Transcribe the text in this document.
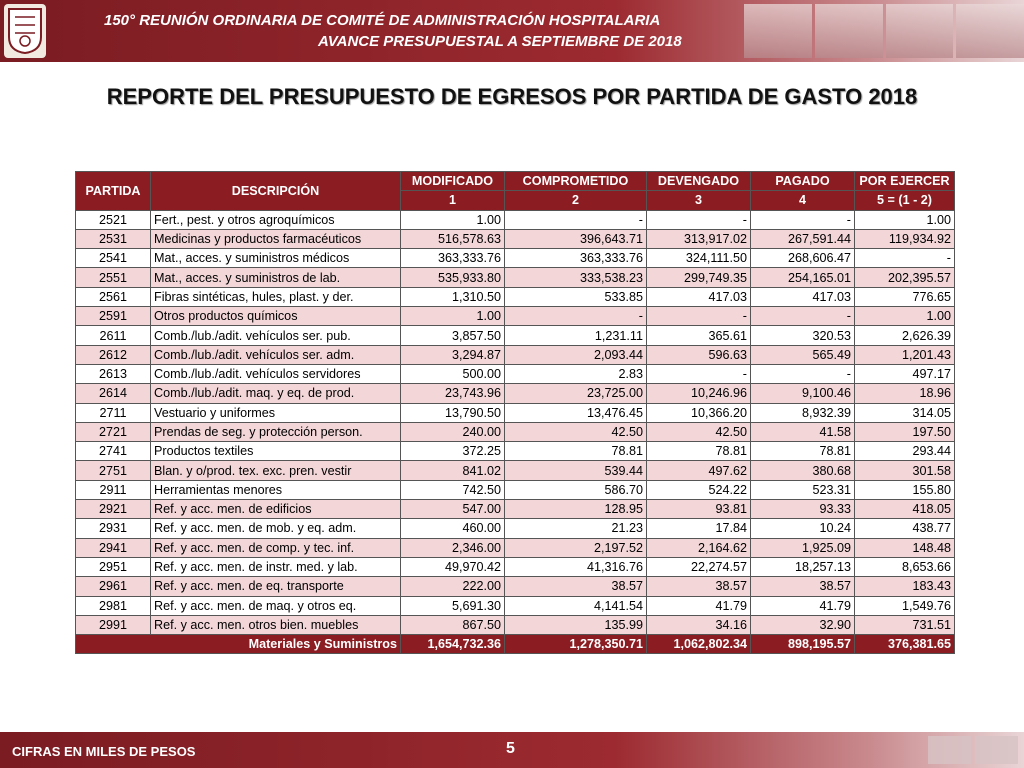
150° REUNIÓN ORDINARIA DE COMITÉ DE ADMINISTRACIÓN HOSPITALARIA
AVANCE PRESUPUESTAL A SEPTIEMBRE DE 2018
REPORTE DEL PRESUPUESTO DE EGRESOS POR PARTIDA DE GASTO 2018
PARTIDA	DESCRIPCIÓN	MODIFICADO	COMPROMETIDO	DEVENGADO	PAGADO	POR EJERCER
		1	2	3	4	5 = (1 - 2)
2521	Fert., pest. y otros agroquímicos	1.00	-	-	-	1.00
2531	Medicinas y productos farmacéuticos	516,578.63	396,643.71	313,917.02	267,591.44	119,934.92
2541	Mat., acces. y suministros médicos	363,333.76	363,333.76	324,111.50	268,606.47	-
2551	Mat., acces. y suministros de lab.	535,933.80	333,538.23	299,749.35	254,165.01	202,395.57
2561	Fibras sintéticas, hules, plast. y der.	1,310.50	533.85	417.03	417.03	776.65
2591	Otros productos químicos	1.00	-	-	-	1.00
2611	Comb./lub./adit. vehículos ser. pub.	3,857.50	1,231.11	365.61	320.53	2,626.39
2612	Comb./lub./adit. vehículos ser. adm.	3,294.87	2,093.44	596.63	565.49	1,201.43
2613	Comb./lub./adit. vehículos servidores	500.00	2.83	-	-	497.17
2614	Comb./lub./adit. maq. y eq. de prod.	23,743.96	23,725.00	10,246.96	9,100.46	18.96
2711	Vestuario y uniformes	13,790.50	13,476.45	10,366.20	8,932.39	314.05
2721	Prendas de seg. y protección person.	240.00	42.50	42.50	41.58	197.50
2741	Productos textiles	372.25	78.81	78.81	78.81	293.44
2751	Blan. y o/prod. tex. exc. pren. vestir	841.02	539.44	497.62	380.68	301.58
2911	Herramientas menores	742.50	586.70	524.22	523.31	155.80
2921	Ref. y acc. men. de edificios	547.00	128.95	93.81	93.33	418.05
2931	Ref. y acc. men. de mob. y eq. adm.	460.00	21.23	17.84	10.24	438.77
2941	Ref. y acc. men. de comp. y tec. inf.	2,346.00	2,197.52	2,164.62	1,925.09	148.48
2951	Ref. y acc. men. de instr. med. y lab.	49,970.42	41,316.76	22,274.57	18,257.13	8,653.66
2961	Ref. y acc. men. de eq. transporte	222.00	38.57	38.57	38.57	183.43
2981	Ref. y acc. men. de maq. y otros eq.	5,691.30	4,141.54	41.79	41.79	1,549.76
2991	Ref. y acc. men. otros bien. muebles	867.50	135.99	34.16	32.90	731.51
Materiales y Suministros		1,654,732.36	1,278,350.71	1,062,802.34	898,195.57	376,381.65
CIFRAS EN MILES DE PESOS	5
